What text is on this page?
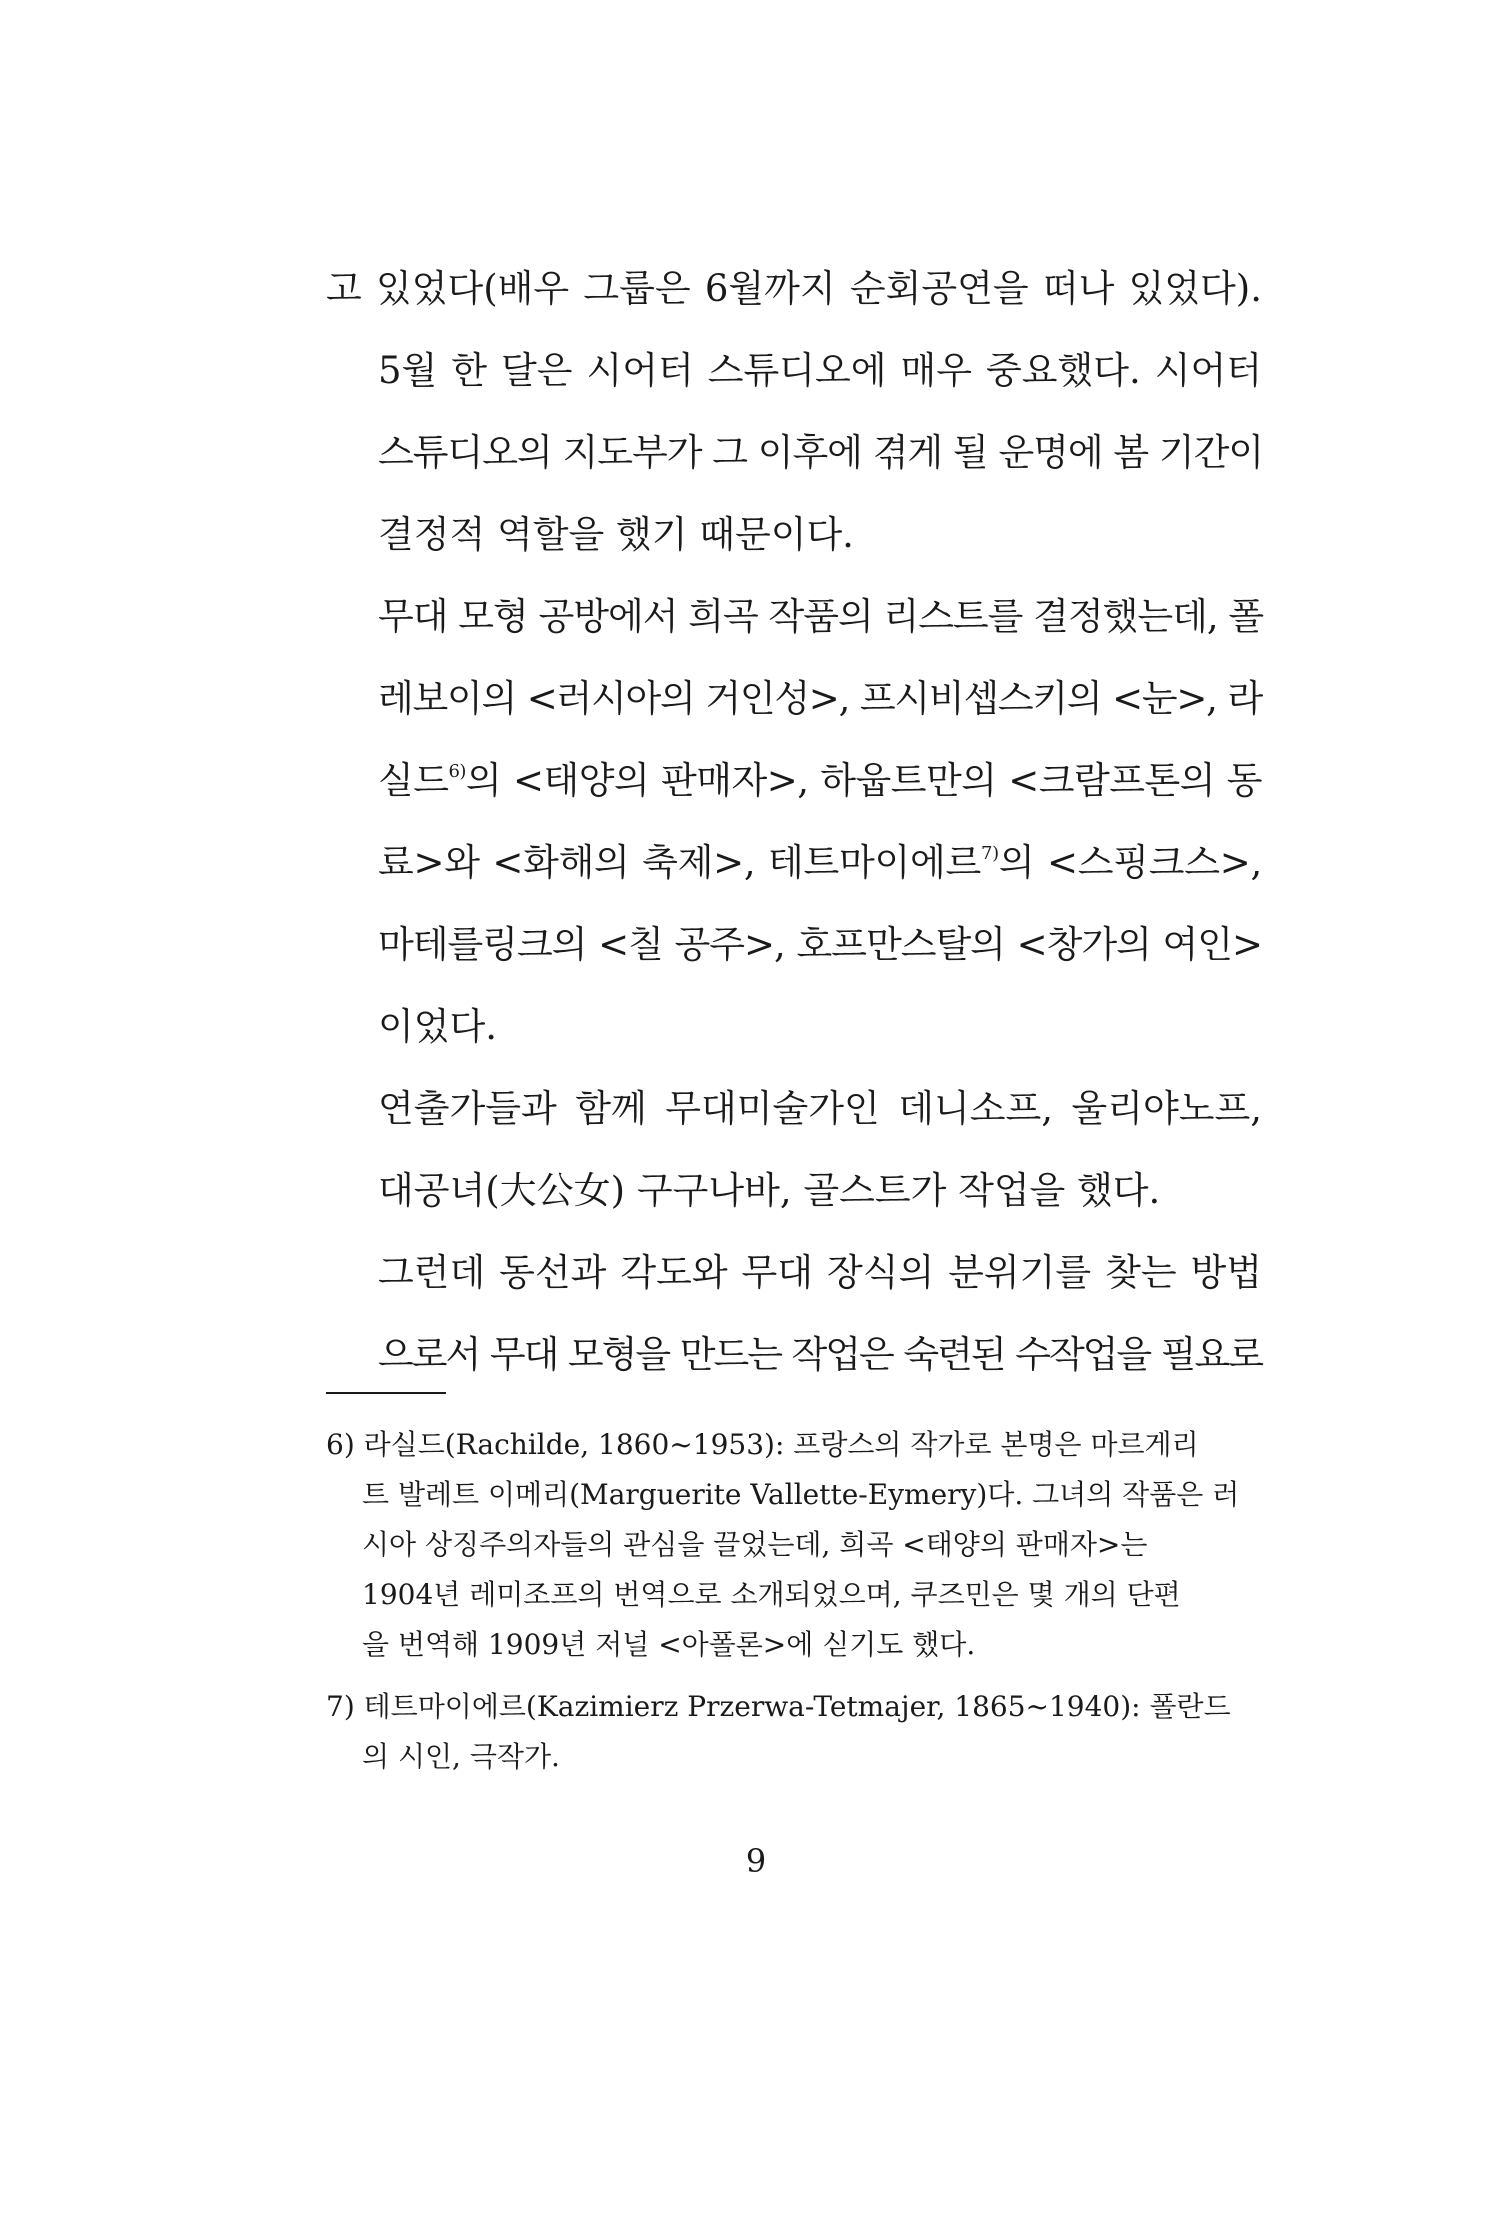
고 있었다(배우 그룹은 6월까지 순회공연을 떠나 있었다).

5월 한 달은 시어터 스튜디오에 매우 중요했다. 시어터
스튜디오의 지도부가 그 이후에 겪게 될 운명에 봄 기간이
결정적 역할을 했기 때문이다.

무대 모형 공방에서 희곡 작품의 리스트를 결정했는데, 폴
레보이의 <러시아의 거인성>, 프시비셉스키의 <눈>, 라
실드$^{6)}$의 <태양의 판매자>, 하웁트만의 <크람프톤의 동
료>와 <화해의 축제>, 테트마이에르$^{7)}$의 <스핑크스>,
마테를링크의 <칠 공주>, 호프만스탈의 <창가의 여인>
이었다.

연출가들과 함께 무대미술가인 데니소프, 울리야노프,
대공녀(大公女) 구구나바, 골스트가 작업을 했다.

그런데 동선과 각도와 무대 장식의 분위기를 찾는 방법
으로서 무대 모형을 만드는 작업은 숙련된 수작업을 필요로

6) 라실드(Rachilde, 1860~1953): 프랑스의 작가로 본명은 마르게리
트 발레트 이메리(Marguerite Vallette-Eymery)다. 그녀의 작품은 러
시아 상징주의자들의 관심을 끌었는데, 희곡 <태양의 판매자>는
1904년 레미조프의 번역으로 소개되었으며, 쿠즈민은 몇 개의 단편
을 번역해 1909년 저널 <아폴론>에 싣기도 했다.

7) 테트마이에르(Kazimierz Przerwa-Tetmajer, 1865~1940): 폴란드
의 시인, 극작가.

9
